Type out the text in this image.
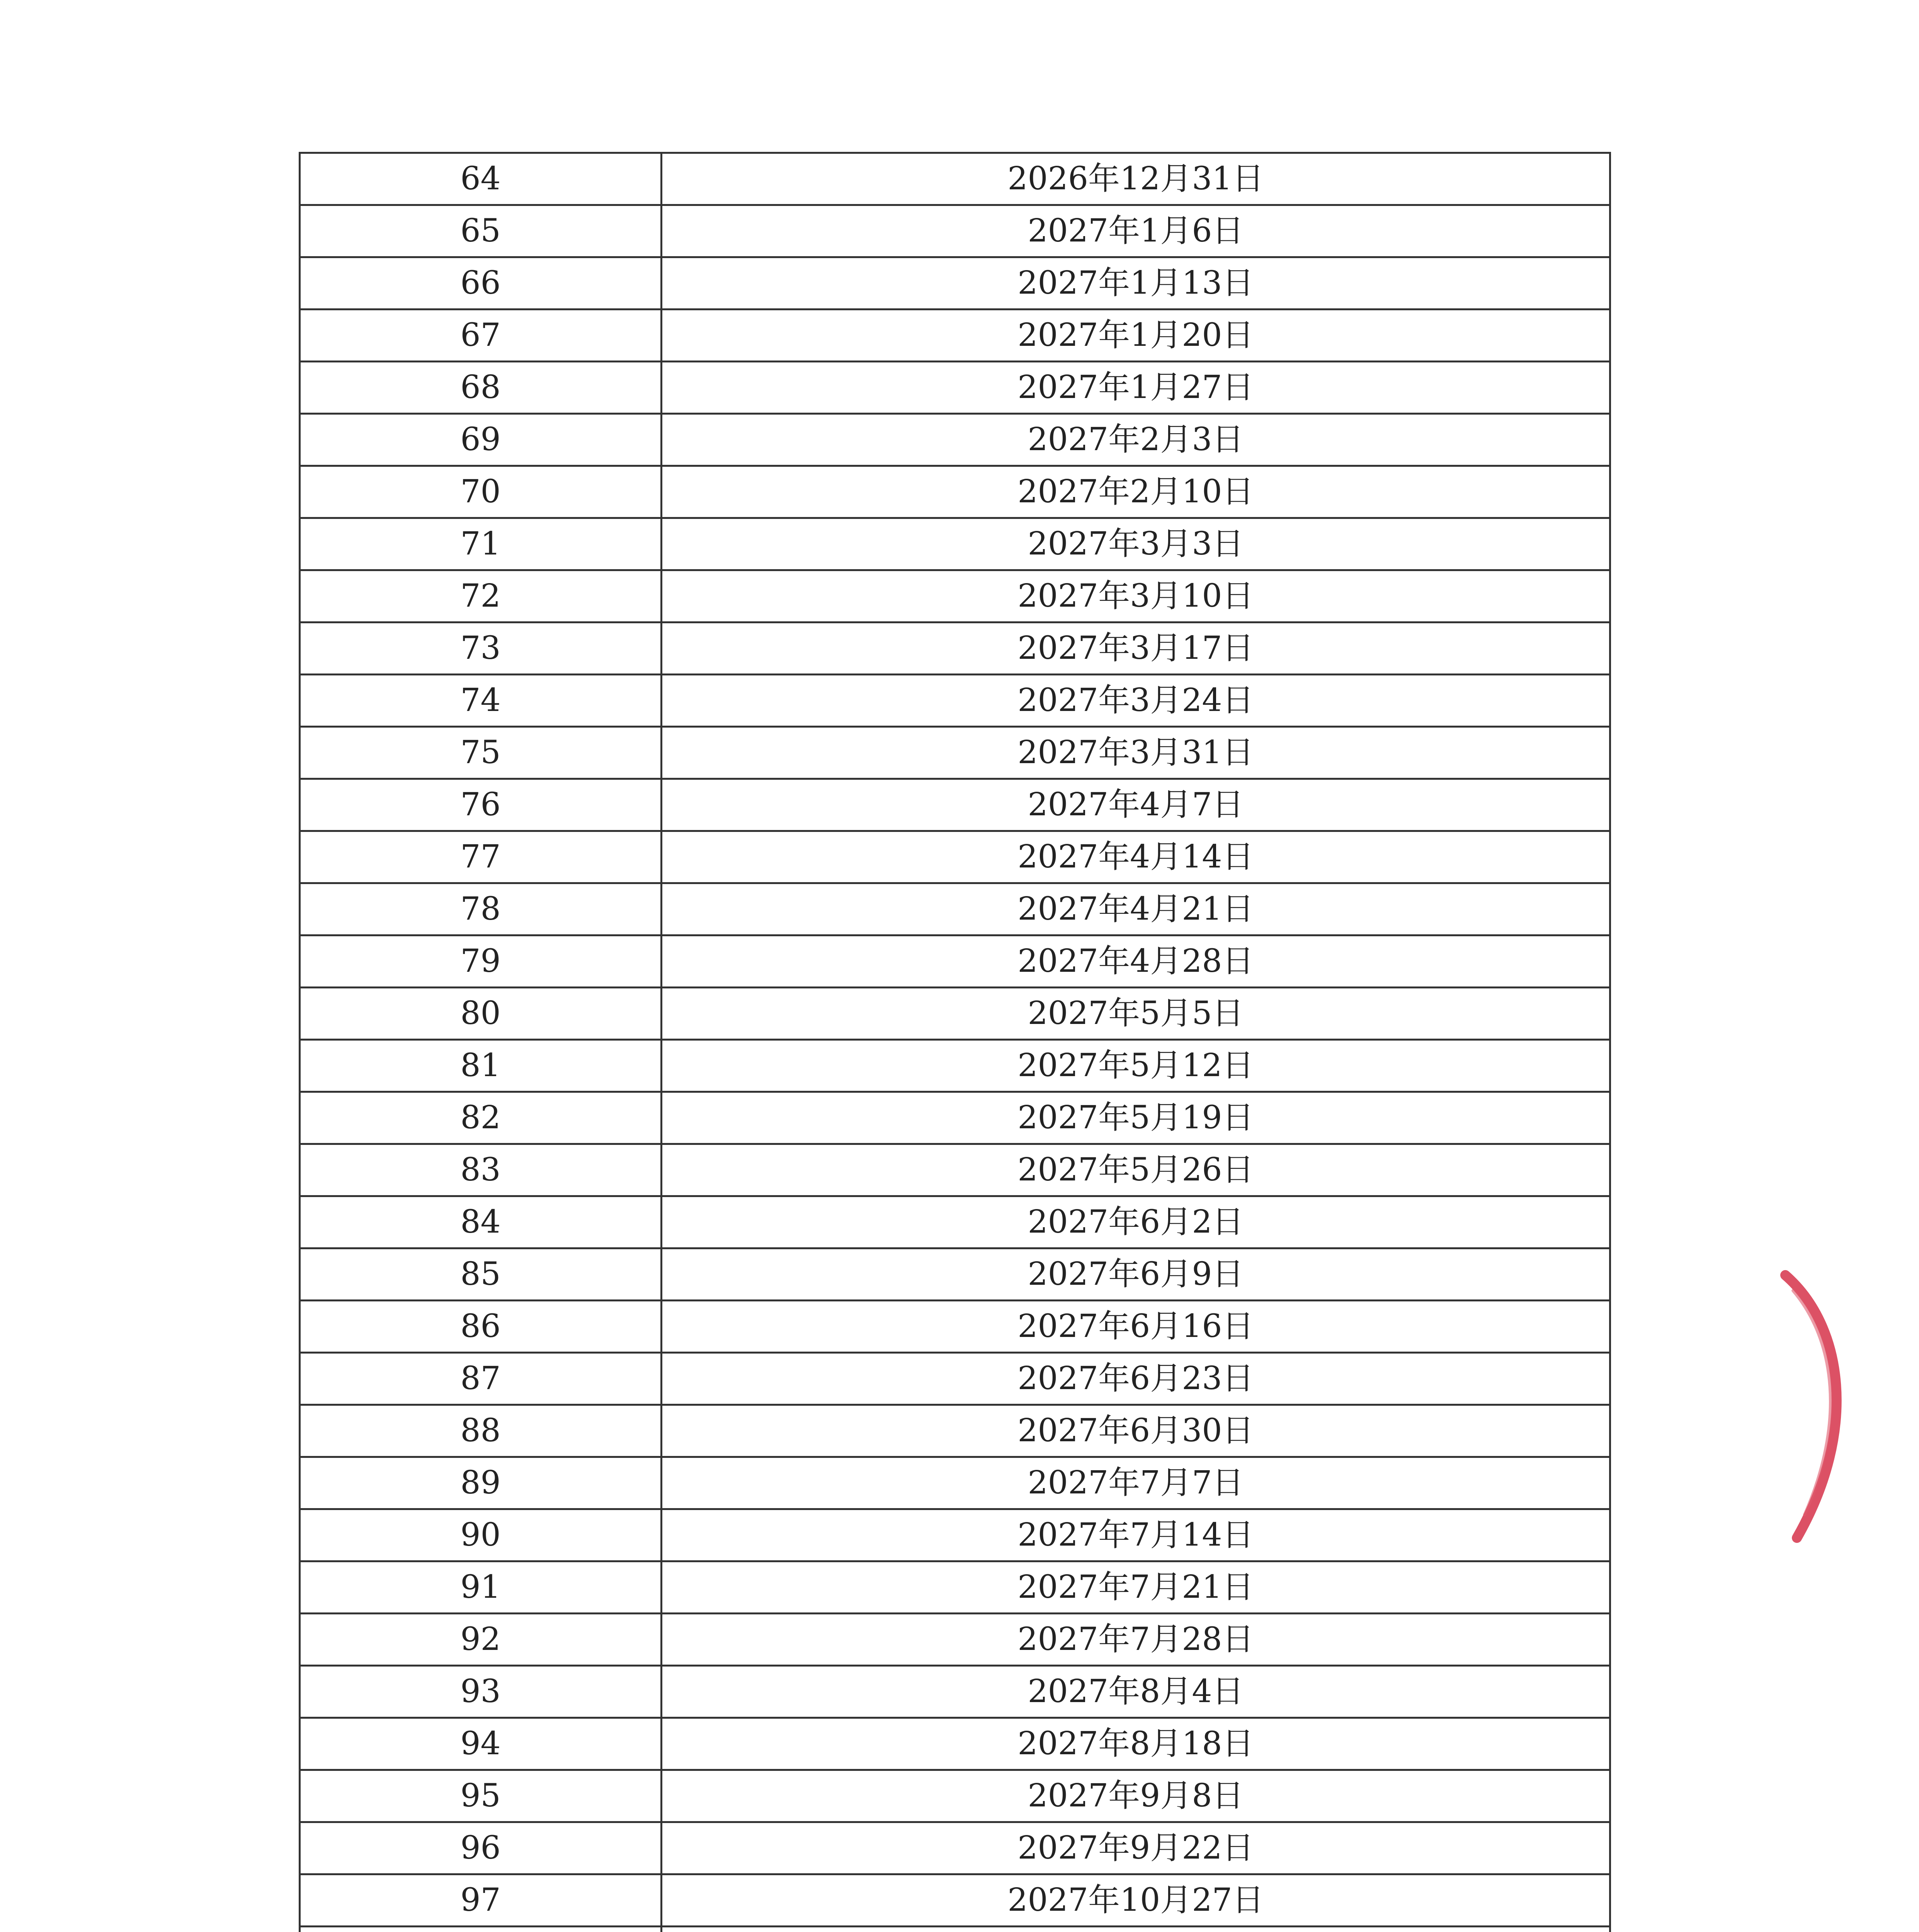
64	2026年12月31日
65	2027年1月6日
66	2027年1月13日
67	2027年1月20日
68	2027年1月27日
69	2027年2月3日
70	2027年2月10日
71	2027年3月3日
72	2027年3月10日
73	2027年3月17日
74	2027年3月24日
75	2027年3月31日
76	2027年4月7日
77	2027年4月14日
78	2027年4月21日
79	2027年4月28日
80	2027年5月5日
81	2027年5月12日
82	2027年5月19日
83	2027年5月26日
84	2027年6月2日
85	2027年6月9日
86	2027年6月16日
87	2027年6月23日
88	2027年6月30日
89	2027年7月7日
90	2027年7月14日
91	2027年7月21日
92	2027年7月28日
93	2027年8月4日
94	2027年8月18日
95	2027年9月8日
96	2027年9月22日
97	2027年10月27日
